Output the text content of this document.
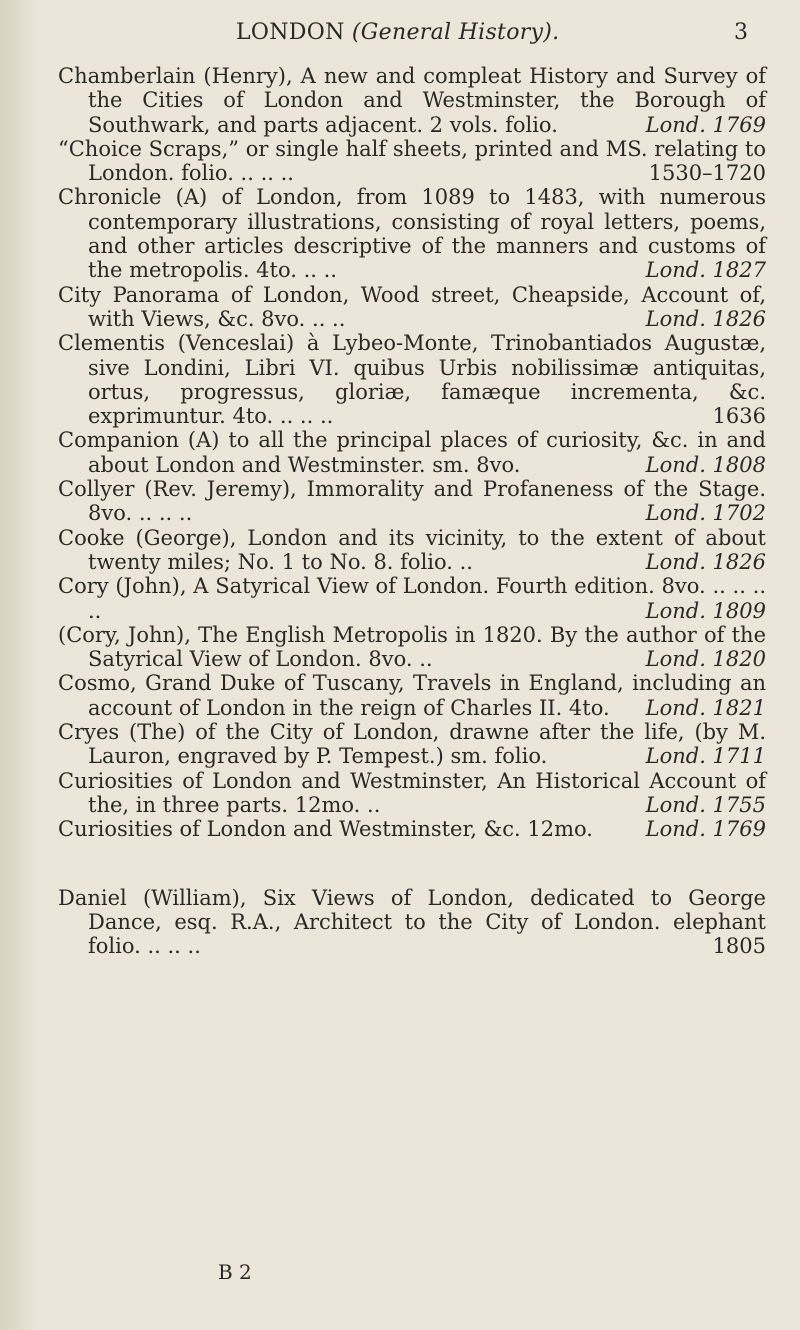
LONDON (General History).	3
Chamberlain (Henry), A new and compleat History and Survey of the Cities of London and Westminster, the Borough of Southwark, and parts adjacent. 2 vols. folio.	Lond. 1769
“Choice Scraps,” or single half sheets, printed and MS. relating to London. folio. .. .. ..	1530–1720
Chronicle (A) of London, from 1089 to 1483, with numerous contemporary illustrations, consisting of royal letters, poems, and other articles descriptive of the manners and customs of the metropolis. 4to. .. ..	Lond. 1827
City Panorama of London, Wood street, Cheapside, Account of, with Views, &c. 8vo. .. ..	Lond. 1826
Clementis (Venceslai) à Lybeo-Monte, Trinobantiados Augustæ, sive Londini, Libri VI. quibus Urbis nobilissimæ antiquitas, ortus, progressus, gloriæ, famæque incrementa, &c. exprimuntur. 4to. .. .. ..	1636
Companion (A) to all the principal places of curiosity, &c. in and about London and Westminster. sm. 8vo.	Lond. 1808
Collyer (Rev. Jeremy), Immorality and Profaneness of the Stage. 8vo. .. .. ..	Lond. 1702
Cooke (George), London and its vicinity, to the extent of about twenty miles; No. 1 to No. 8. folio. ..	Lond. 1826
Cory (John), A Satyrical View of London. Fourth edition. 8vo. .. .. .. ..	Lond. 1809
(Cory, John), The English Metropolis in 1820. By the author of the Satyrical View of London. 8vo. ..	Lond. 1820
Cosmo, Grand Duke of Tuscany, Travels in England, including an account of London in the reign of Charles II. 4to. Lond. 1821
Cryes (The) of the City of London, drawne after the life, (by M. Lauron, engraved by P. Tempest.) sm. folio.	Lond. 1711
Curiosities of London and Westminster, An Historical Account of the, in three parts. 12mo. ..	Lond. 1755
Curiosities of London and Westminster, &c. 12mo.	Lond. 1769
Daniel (William), Six Views of London, dedicated to George Dance, esq. R.A., Architect to the City of London. elephant folio. .. .. ..	1805
B 2
